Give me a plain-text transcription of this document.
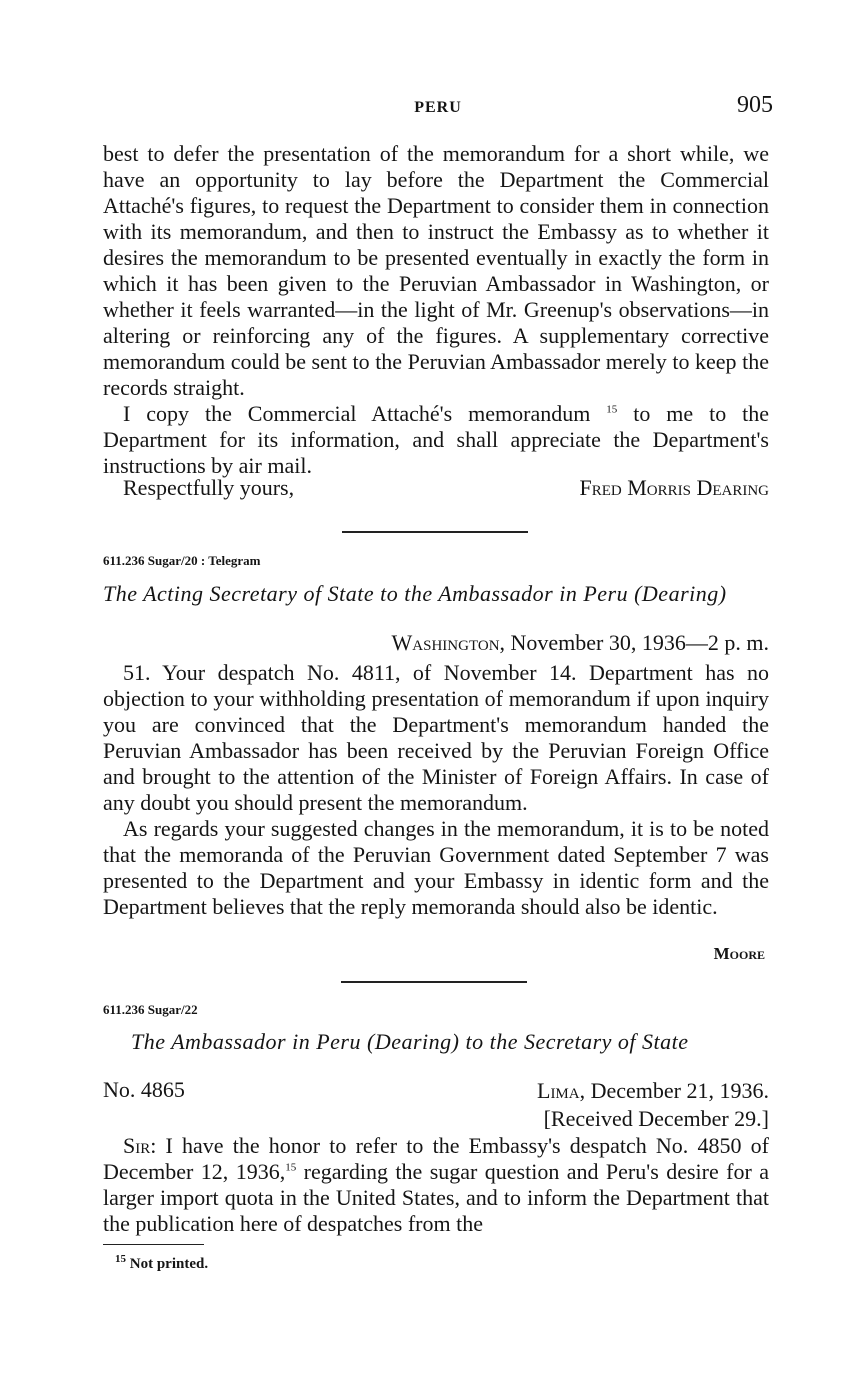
PERU	905

best to defer the presentation of the memorandum for a short while, we have an opportunity to lay before the Department the Commercial Attaché's figures, to request the Department to consider them in connection with its memorandum, and then to instruct the Embassy as to whether it desires the memorandum to be presented eventually in exactly the form in which it has been given to the Peruvian Ambassador in Washington, or whether it feels warranted—in the light of Mr. Greenup's observations—in altering or reinforcing any of the figures. A supplementary corrective memorandum could be sent to the Peruvian Ambassador merely to keep the records straight.

I copy the Commercial Attaché's memorandum $^{15}$ to me to the Department for its information, and shall appreciate the Department's instructions by air mail.

Respectfully yours,	Fred Morris Dearing
611.236 Sugar/20 : Telegram
The Acting Secretary of State to the Ambassador in Peru (Dearing)
Washington, November 30, 1936—2 p. m.

51. Your despatch No. 4811, of November 14. Department has no objection to your withholding presentation of memorandum if upon inquiry you are convinced that the Department's memorandum handed the Peruvian Ambassador has been received by the Peruvian Foreign Office and brought to the attention of the Minister of Foreign Affairs. In case of any doubt you should present the memorandum.

As regards your suggested changes in the memorandum, it is to be noted that the memoranda of the Peruvian Government dated September 7 was presented to the Department and your Embassy in identic form and the Department believes that the reply memoranda should also be identic.

Moore
611.236 Sugar/22
The Ambassador in Peru (Dearing) to the Secretary of State
No. 4865	Lima, December 21, 1936.
[Received December 29.]

Sir: I have the honor to refer to the Embassy's despatch No. 4850 of December 12, 1936,15 regarding the sugar question and Peru's desire for a larger import quota in the United States, and to inform the Department that the publication here of despatches from the

$^{15}$ Not printed.
